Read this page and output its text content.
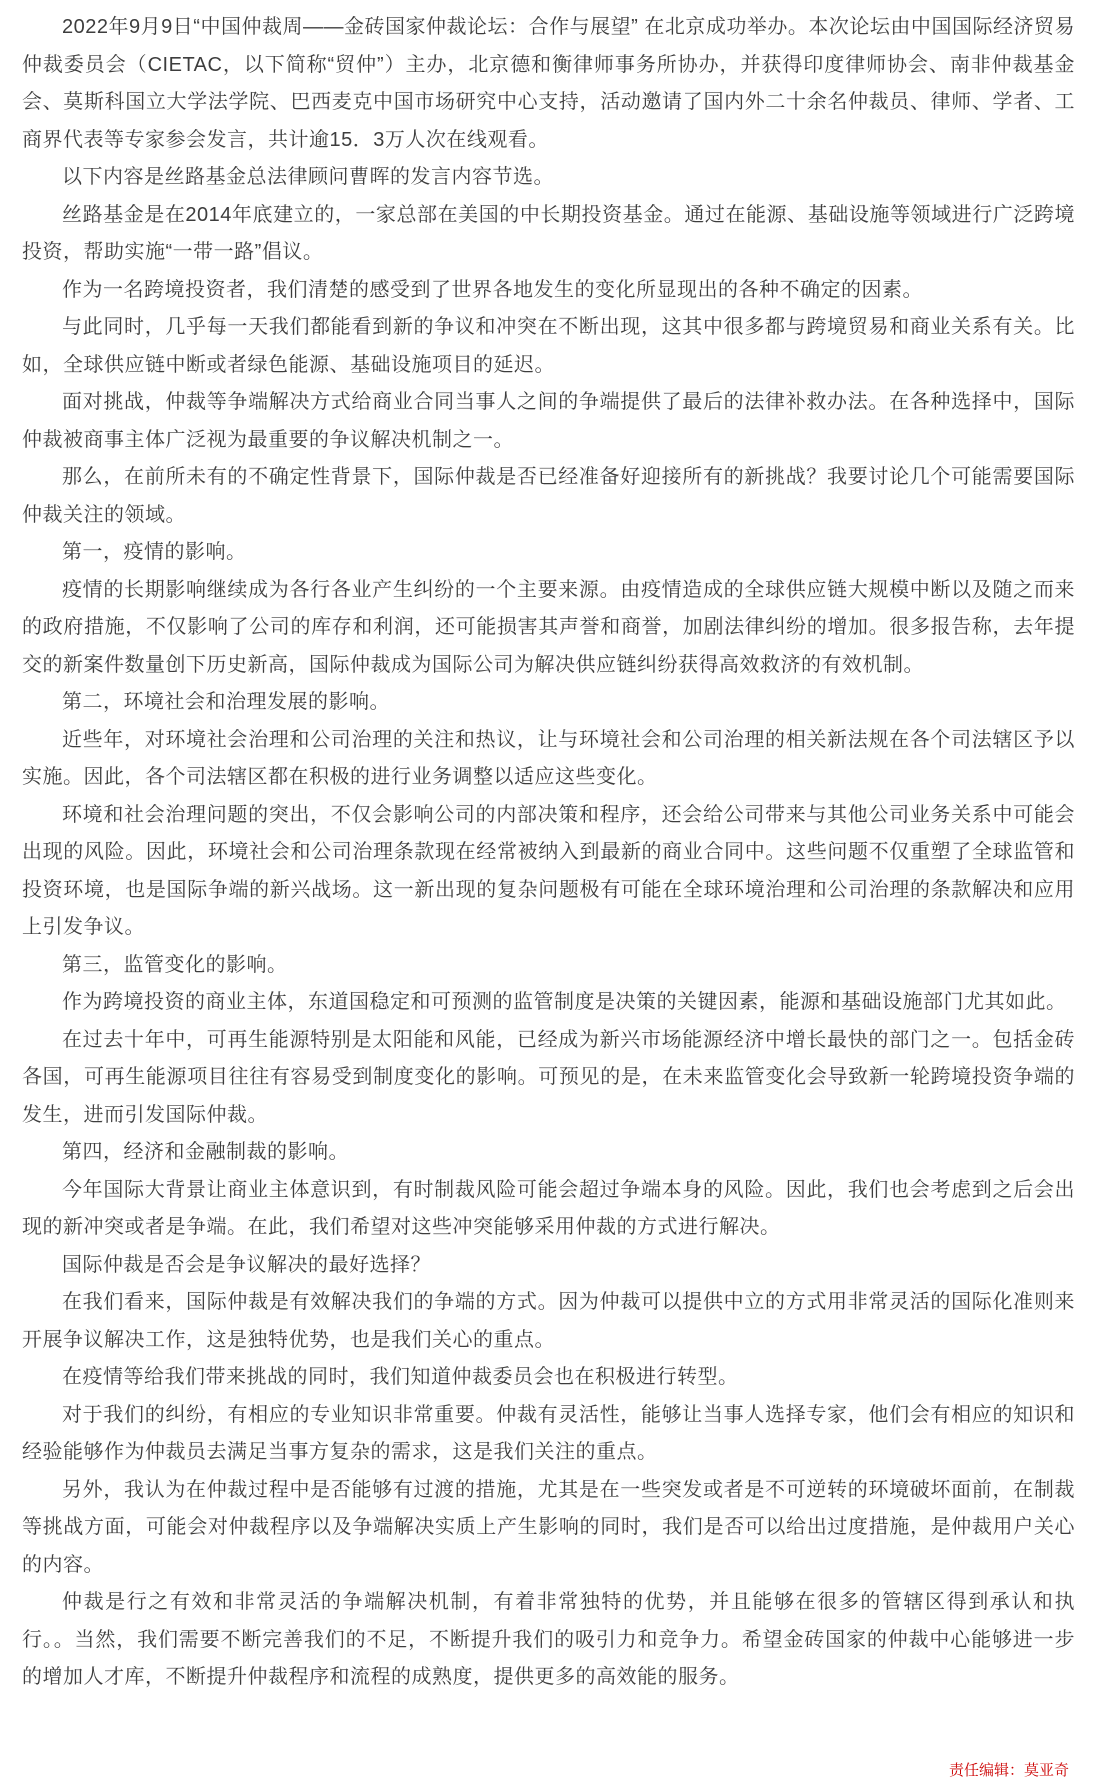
2022年9月9日“中国仲裁周——金砖国家仲裁论坛：合作与展望” 在北京成功举办。本次论坛由中国国际经济贸易仲裁委员会（CIETAC，以下简称“贸仲”）主办，北京德和衡律师事务所协办，并获得印度律师协会、南非仲裁基金会、莫斯科国立大学法学院、巴西麦克中国市场研究中心支持，活动邀请了国内外二十余名仲裁员、律师、学者、工商界代表等专家参会发言，共计逾15．3万人次在线观看。

以下内容是丝路基金总法律顾问曹晖的发言内容节选。

丝路基金是在2014年底建立的，一家总部在美国的中长期投资基金。通过在能源、基础设施等领域进行广泛跨境投资，帮助实施“一带一路”倡议。

作为一名跨境投资者，我们清楚的感受到了世界各地发生的变化所显现出的各种不确定的因素。

与此同时，几乎每一天我们都能看到新的争议和冲突在不断出现，这其中很多都与跨境贸易和商业关系有关。比如，全球供应链中断或者绿色能源、基础设施项目的延迟。

面对挑战，仲裁等争端解决方式给商业合同当事人之间的争端提供了最后的法律补救办法。在各种选择中，国际仲裁被商事主体广泛视为最重要的争议解决机制之一。

那么，在前所未有的不确定性背景下，国际仲裁是否已经准备好迎接所有的新挑战？我要讨论几个可能需要国际仲裁关注的领域。

第一，疫情的影响。

疫情的长期影响继续成为各行各业产生纠纷的一个主要来源。由疫情造成的全球供应链大规模中断以及随之而来的政府措施，不仅影响了公司的库存和利润，还可能损害其声誉和商誉，加剧法律纠纷的增加。很多报告称，去年提交的新案件数量创下历史新高，国际仲裁成为国际公司为解决供应链纠纷获得高效救济的有效机制。

第二，环境社会和治理发展的影响。

近些年，对环境社会治理和公司治理的关注和热议，让与环境社会和公司治理的相关新法规在各个司法辖区予以实施。因此，各个司法辖区都在积极的进行业务调整以适应这些变化。

环境和社会治理问题的突出，不仅会影响公司的内部决策和程序，还会给公司带来与其他公司业务关系中可能会出现的风险。因此，环境社会和公司治理条款现在经常被纳入到最新的商业合同中。这些问题不仅重塑了全球监管和投资环境，也是国际争端的新兴战场。这一新出现的复杂问题极有可能在全球环境治理和公司治理的条款解决和应用上引发争议。

第三，监管变化的影响。

作为跨境投资的商业主体，东道国稳定和可预测的监管制度是决策的关键因素，能源和基础设施部门尤其如此。

在过去十年中，可再生能源特别是太阳能和风能，已经成为新兴市场能源经济中增长最快的部门之一。包括金砖各国，可再生能源项目往往有容易受到制度变化的影响。可预见的是，在未来监管变化会导致新一轮跨境投资争端的发生，进而引发国际仲裁。

第四，经济和金融制裁的影响。

今年国际大背景让商业主体意识到，有时制裁风险可能会超过争端本身的风险。因此，我们也会考虑到之后会出现的新冲突或者是争端。在此，我们希望对这些冲突能够采用仲裁的方式进行解决。

国际仲裁是否会是争议解决的最好选择？

在我们看来，国际仲裁是有效解决我们的争端的方式。因为仲裁可以提供中立的方式用非常灵活的国际化准则来开展争议解决工作，这是独特优势，也是我们关心的重点。

在疫情等给我们带来挑战的同时，我们知道仲裁委员会也在积极进行转型。

对于我们的纠纷，有相应的专业知识非常重要。仲裁有灵活性，能够让当事人选择专家，他们会有相应的知识和经验能够作为仲裁员去满足当事方复杂的需求，这是我们关注的重点。

另外，我认为在仲裁过程中是否能够有过渡的措施，尤其是在一些突发或者是不可逆转的环境破坏面前，在制裁等挑战方面，可能会对仲裁程序以及争端解决实质上产生影响的同时，我们是否可以给出过度措施，是仲裁用户关心的内容。

仲裁是行之有效和非常灵活的争端解决机制，有着非常独特的优势，并且能够在很多的管辖区得到承认和执行。。当然，我们需要不断完善我们的不足，不断提升我们的吸引力和竞争力。希望金砖国家的仲裁中心能够进一步的增加人才库，不断提升仲裁程序和流程的成熟度，提供更多的高效能的服务。

责任编辑：莫亚奇
